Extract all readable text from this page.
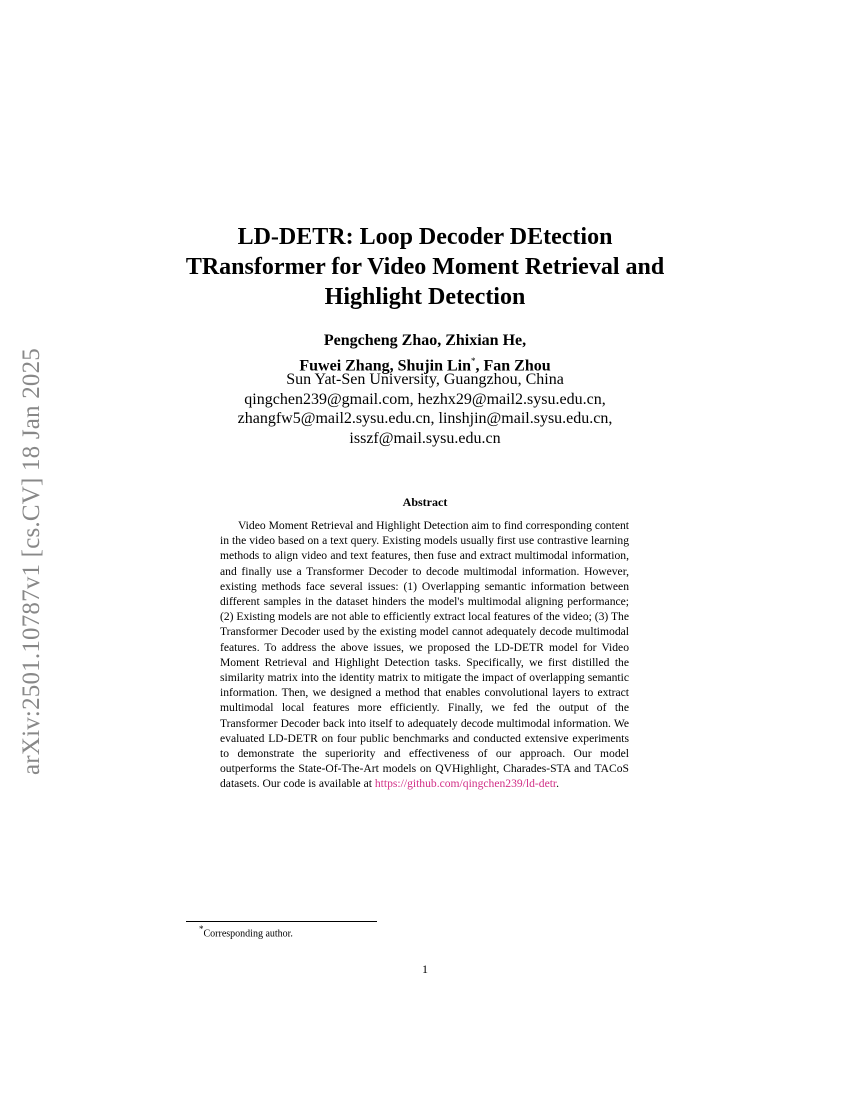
arXiv:2501.10787v1 [cs.CV] 18 Jan 2025
LD-DETR: Loop Decoder DEtection
TRansformer for Video Moment Retrieval and
Highlight Detection
Pengcheng Zhao, Zhixian He,
Fuwei Zhang, Shujin Lin*, Fan Zhou
Sun Yat-Sen University, Guangzhou, China
qingchen239@gmail.com, hezhx29@mail2.sysu.edu.cn,
zhangfw5@mail2.sysu.edu.cn, linshjin@mail.sysu.edu.cn,
isszf@mail.sysu.edu.cn
Abstract

Video Moment Retrieval and Highlight Detection aim to find corresponding content in the video based on a text query. Existing models usually first use contrastive learning methods to align video and text features, then fuse and extract multimodal information, and finally use a Transformer Decoder to decode multimodal information. However, existing methods face several issues: (1) Overlapping semantic information between different samples in the dataset hinders the model's multimodal aligning performance; (2) Existing models are not able to efficiently extract local features of the video; (3) The Transformer Decoder used by the existing model cannot adequately decode multimodal features. To address the above issues, we proposed the LD-DETR model for Video Moment Retrieval and Highlight Detection tasks. Specifically, we first distilled the similarity matrix into the identity matrix to mitigate the impact of overlapping semantic information. Then, we designed a method that enables convolutional layers to extract multimodal local features more efficiently. Finally, we fed the output of the Transformer Decoder back into itself to adequately decode multimodal information. We evaluated LD-DETR on four public benchmarks and conducted extensive experiments to demonstrate the superiority and effectiveness of our approach. Our model outperforms the State-Of-The-Art models on QVHighlight, Charades-STA and TACoS datasets. Our code is available at https://github.com/qingchen239/ld-detr.

*Corresponding author.
1
